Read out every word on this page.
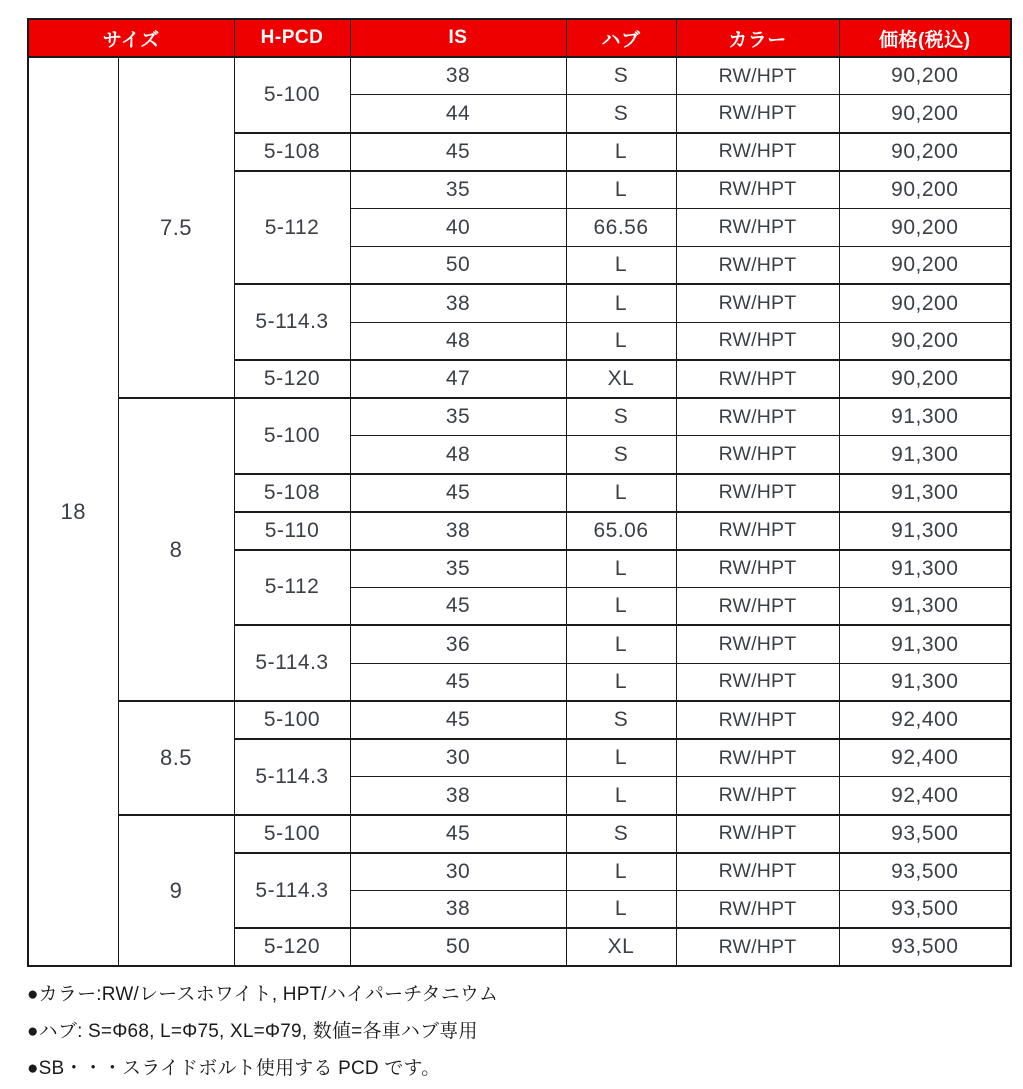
サイズ		H-PCD	IS	ハブ	カラー	価格(税込)
18	7.5	5-100	38	S	RW/HPT	90,200
			44	S	RW/HPT	90,200
		5-108	45	L	RW/HPT	90,200
		5-112	35	L	RW/HPT	90,200
			40	66.56	RW/HPT	90,200
			50	L	RW/HPT	90,200
		5-114.3	38	L	RW/HPT	90,200
			48	L	RW/HPT	90,200
		5-120	47	XL	RW/HPT	90,200
	8	5-100	35	S	RW/HPT	91,300
			48	S	RW/HPT	91,300
		5-108	45	L	RW/HPT	91,300
		5-110	38	65.06	RW/HPT	91,300
		5-112	35	L	RW/HPT	91,300
			45	L	RW/HPT	91,300
		5-114.3	36	L	RW/HPT	91,300
			45	L	RW/HPT	91,300
	8.5	5-100	45	S	RW/HPT	92,400
		5-114.3	30	L	RW/HPT	92,400
			38	L	RW/HPT	92,400
	9	5-100	45	S	RW/HPT	93,500
		5-114.3	30	L	RW/HPT	93,500
			38	L	RW/HPT	93,500
		5-120	50	XL	RW/HPT	93,500
●カラー:RW/レースホワイト, HPT/ハイパーチタニウム
●ハブ: S=Φ68, L=Φ75, XL=Φ79, 数値=各車ハブ専用
●SB・・・スライドボルト使用する PCD です。
